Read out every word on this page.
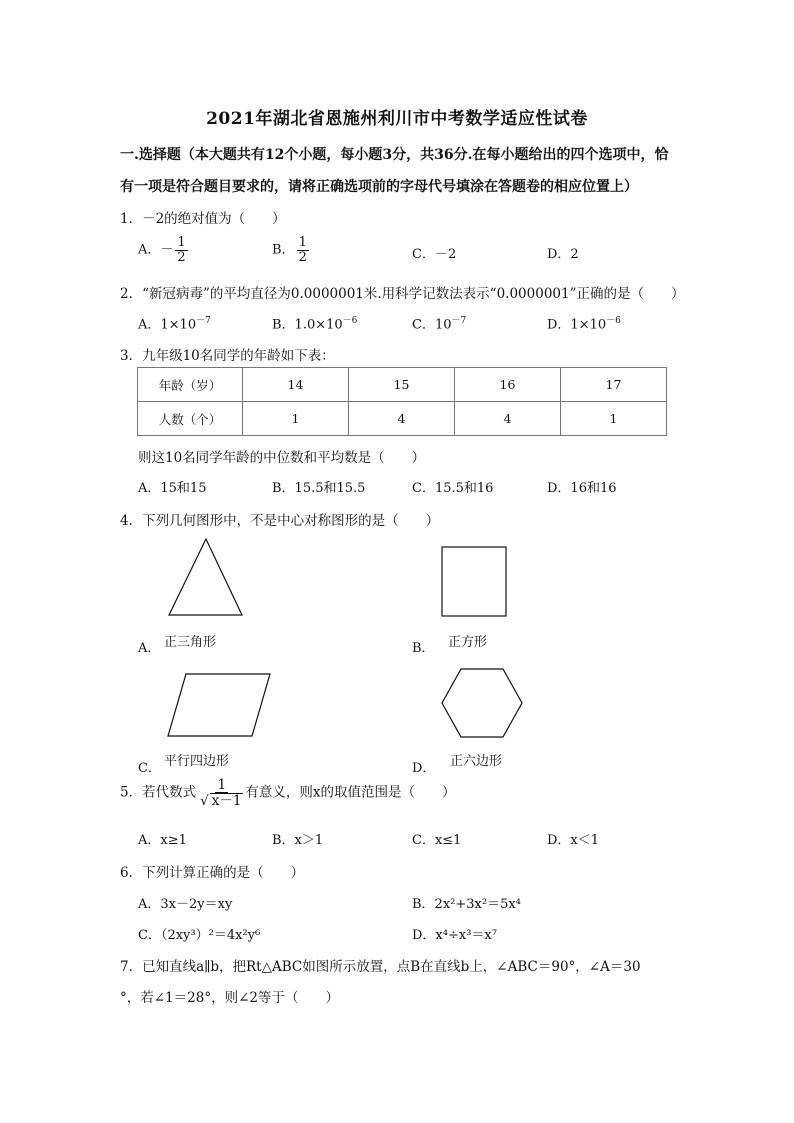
2021年湖北省恩施州利川市中考数学适应性试卷
一.选择题（本大题共有12个小题，每小题3分，共36分.在每小题给出的四个选项中，恰
有一项是符合题目要求的，请将正确选项前的字母代号填涂在答题卷的相应位置上）
1．－2的绝对值为（　　）
A．－ $\frac{1}{2}$	B． $\frac{1}{2}$	C．－2	D．2
2．“新冠病毒”的平均直径为0.0000001米.用科学记数法表示“0.0000001”正确的是（　　）
A．$1\times 10^{-7}$	B．$1.0\times 10^{-6}$	C．$10^{-7}$	D．$1\times 10^{-6}$
3．九年级10名同学的年龄如下表：
年龄（岁）	14	15	16	17
人数（个）	1	4	4	1
则这10名同学年龄的中位数和平均数是（　　）
A．15和15	B．15.5和15.5	C．15.5和16	D．16和16
4．下列几何图形中，不是中心对称图形的是（　　）
A． 正三角形	B． 正方形
C． 平行四边形	D． 正六边形
5．若代数式 $\frac{1}{√ x-1}$ 有意义，则x的取值范围是（　　）
A．x≥1	B．x＞1	C．x≤1	D．x＜1
6．下列计算正确的是（　　）
A．3x－2y＝xy	B．2x²+3x²＝5x⁴
C．（2xy³）²＝4x²y⁶	D．x⁴÷x³＝x⁷
7．已知直线a∥b，把Rt△ABC如图所示放置，点B在直线b上，∠ABC＝90°，∠A＝30
°，若∠1＝28°，则∠2等于（　　）
